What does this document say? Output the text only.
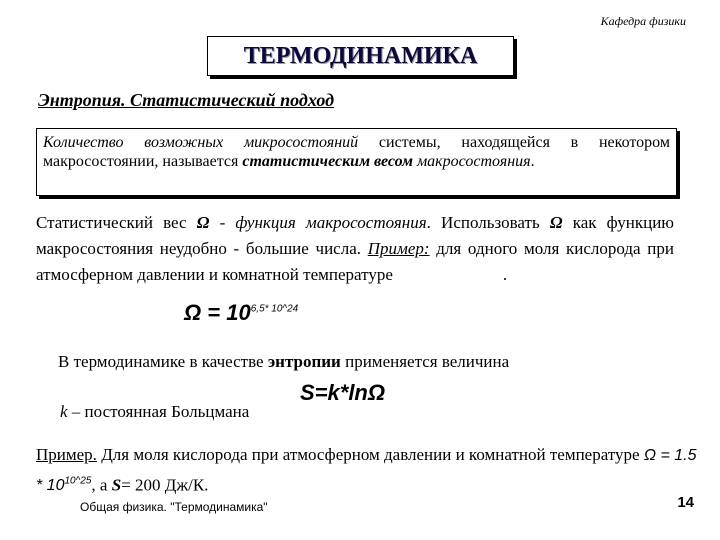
Кафедра физики
ТЕРМОДИНАМИКА
Энтропия. Статистический подход
Количество возможных микросостояний системы, находящейся в некотором макросостоянии, называется статистическим весом макросостояния.
Статистический вес Ω - функция макросостояния. Использовать Ω как функцию макросостояния неудобно - большие числа. Пример: для одного моля кислорода при атмосферном давлении и комнатной температуре	.
$\Omega = 10^{6,5* 10\^{}24}$
В термодинамике в качестве энтропии применяется величина
S=k*lnΩ
k – постоянная Больцмана
Пример. Для моля кислорода при атмосферном давлении и комнатной температуре $\Omega = 1.5 * 10^{10\^{}25}$, а S= 200 Дж/К.
Общая физика. "Термодинамика"	14
